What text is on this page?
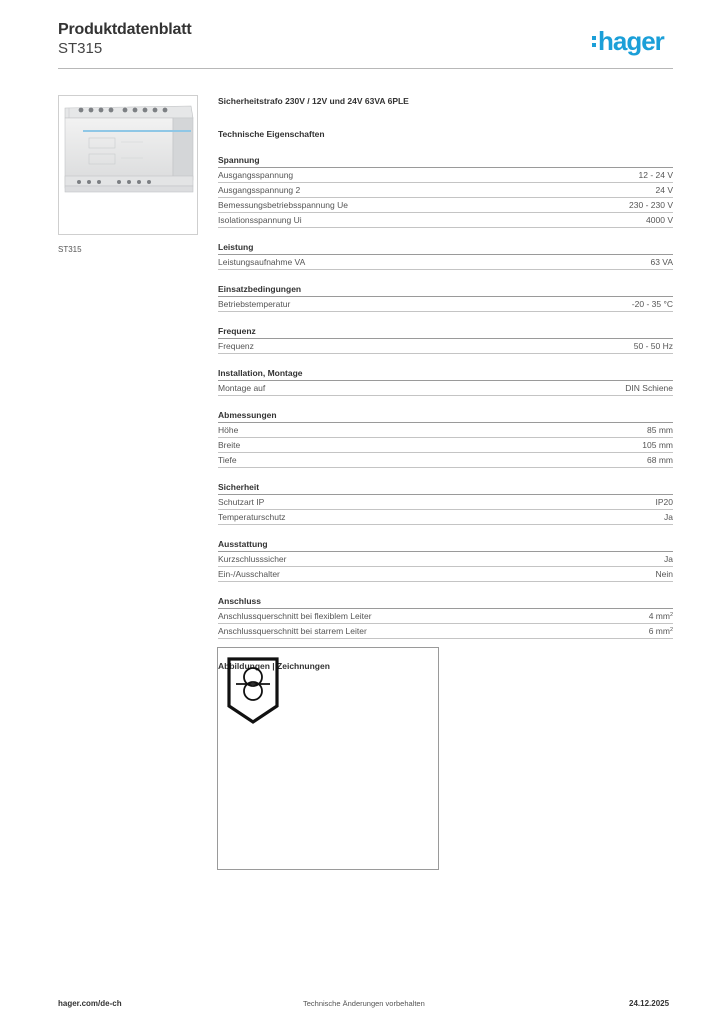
Produktdatenblatt
ST315	hager
ST315
Sicherheitstrafo 230V / 12V und 24V 63VA 6PLE
Technische Eigenschaften
Spannung
Ausgangsspannung	12 - 24 V
Ausgangsspannung 2	24 V
Bemessungsbetriebsspannung Ue	230 - 230 V
Isolationsspannung Ui	4000 V
Leistung
Leistungsaufnahme VA	63 VA
Einsatzbedingungen
Betriebstemperatur	-20 - 35 °C
Frequenz
Frequenz	50 - 50 Hz
Installation, Montage
Montage auf	DIN Schiene
Abmessungen
Höhe	85 mm
Breite	105 mm
Tiefe	68 mm
Sicherheit
Schutzart IP	IP20
Temperaturschutz	Ja
Ausstattung
Kurzschlusssicher	Ja
Ein-/Ausschalter	Nein
Anschluss
Anschlussquerschnitt bei flexiblem Leiter	4 $mm^2$
Anschlussquerschnitt bei starrem Leiter	6 $mm^2$
Abbildungen | Zeichnungen
hager.com/de-ch	Technische Änderungen vorbehalten	24.12.2025
